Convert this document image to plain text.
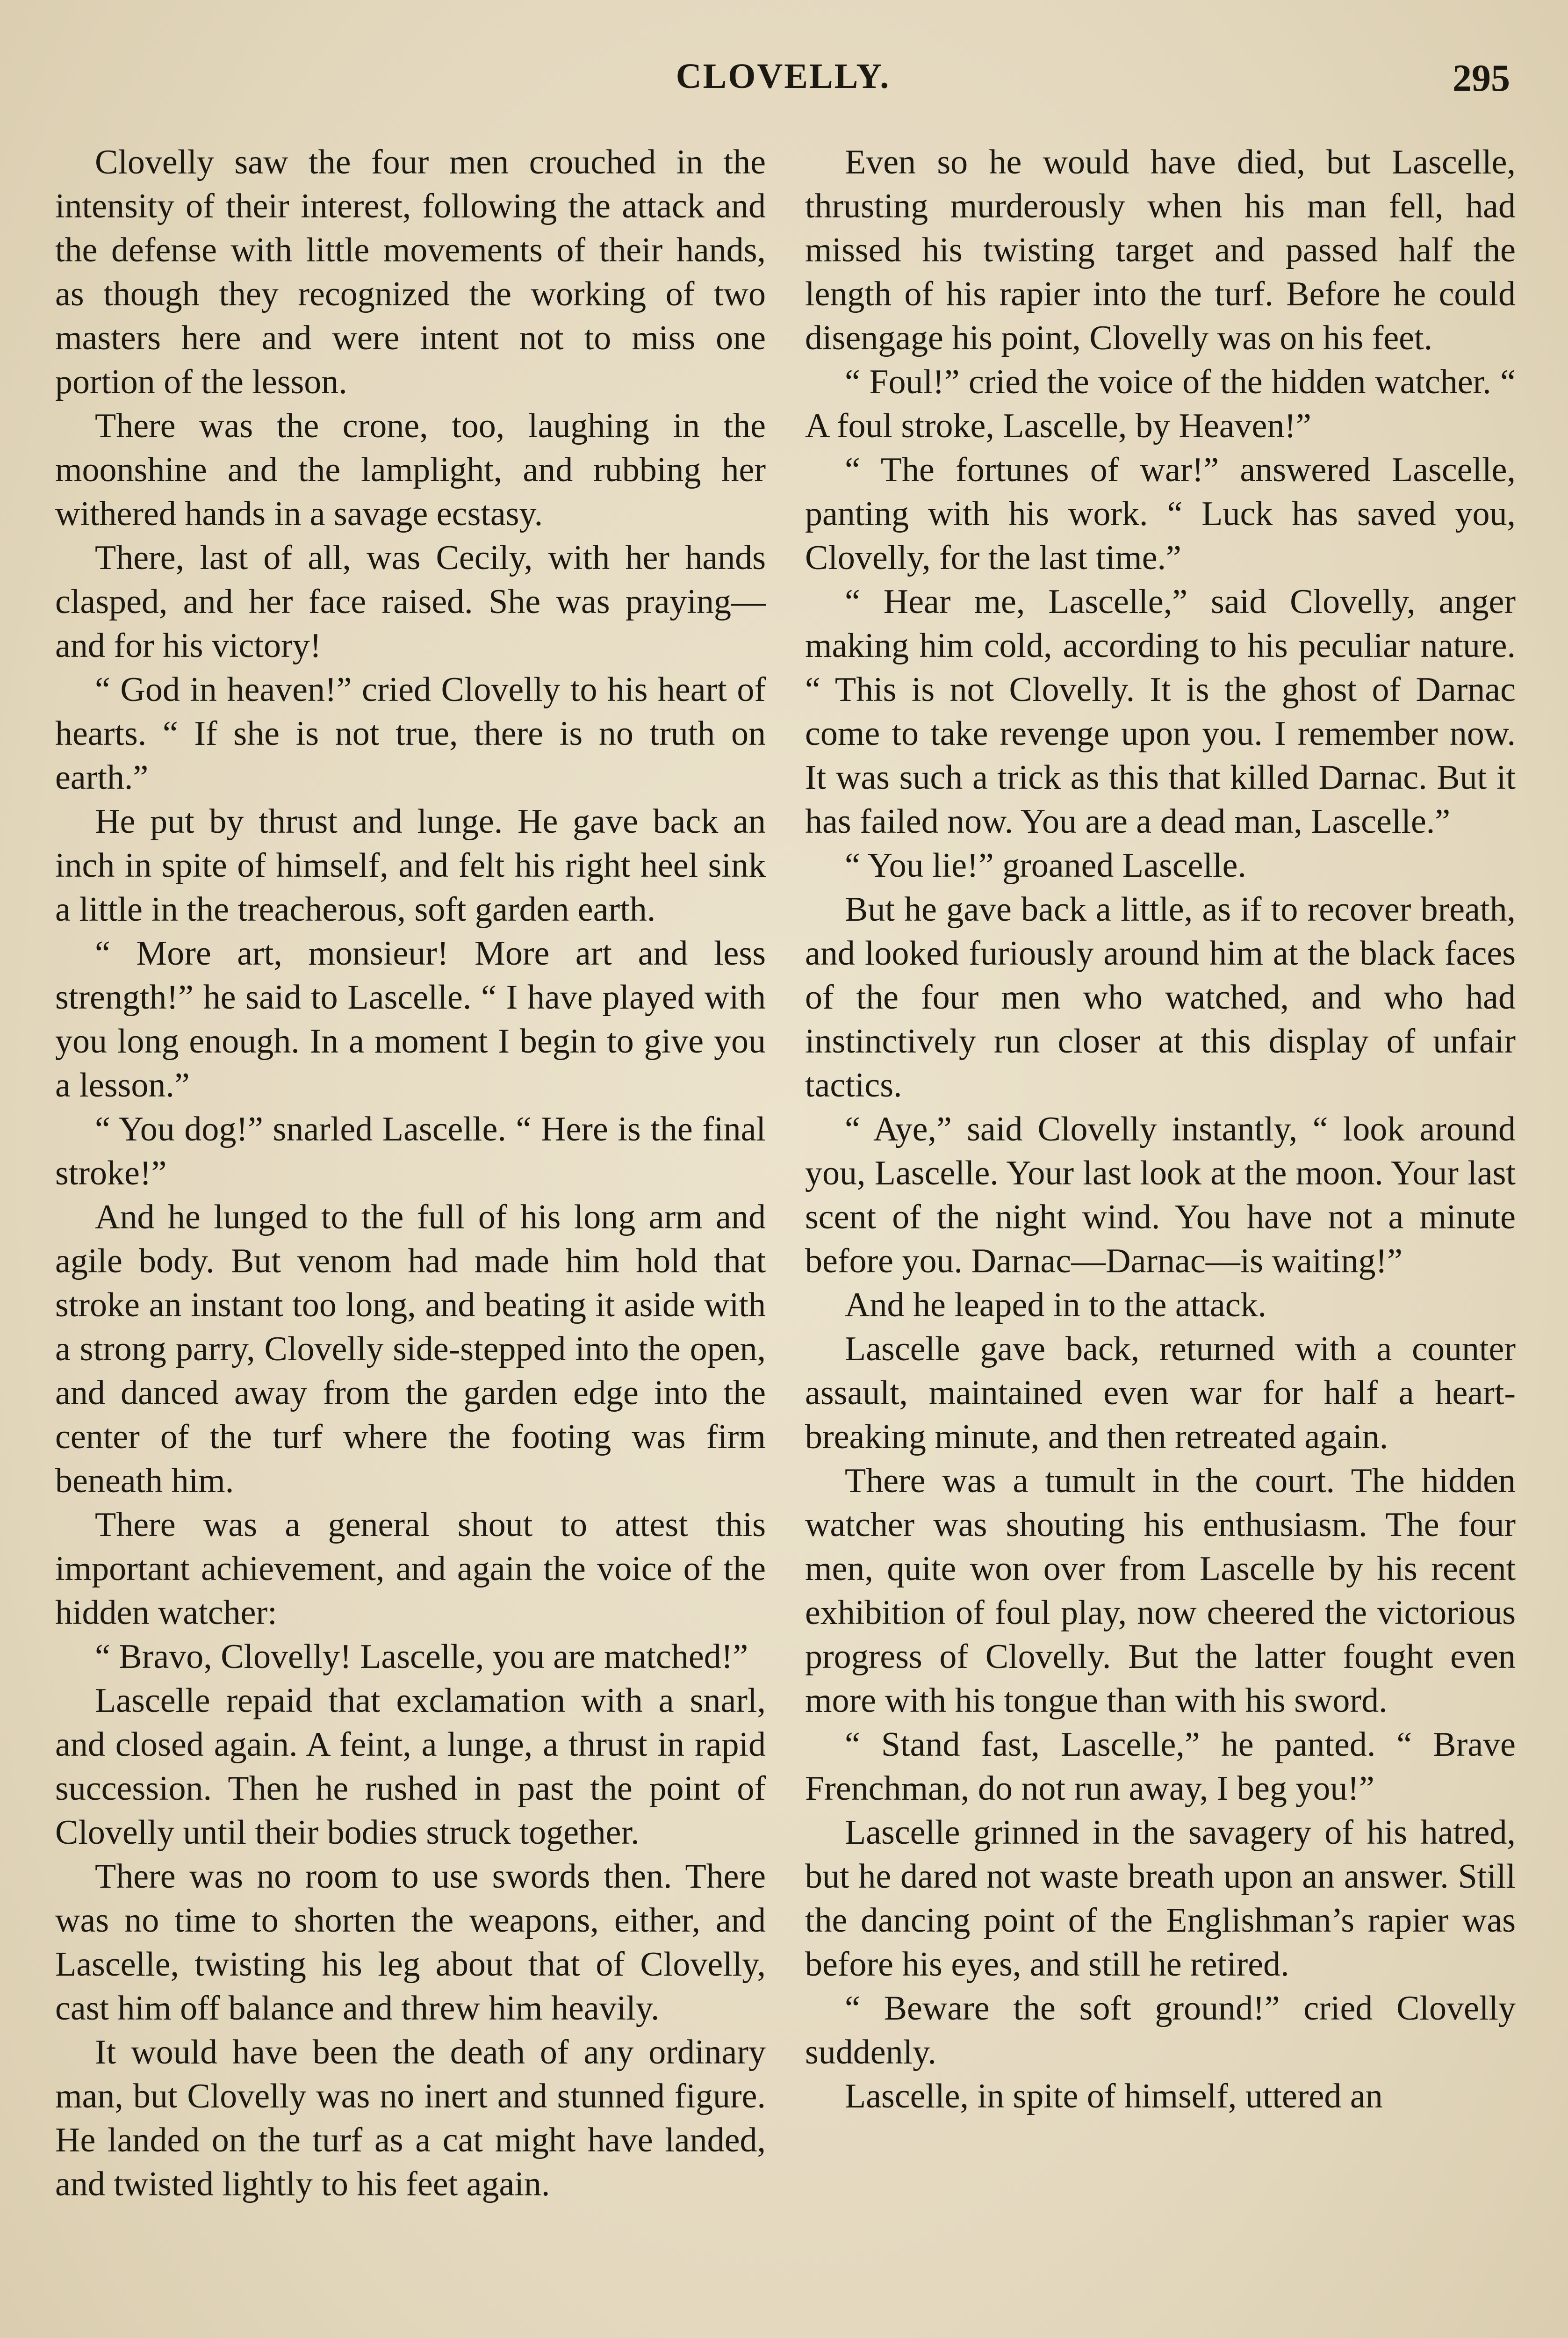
CLOVELLY.	295

Clovelly saw the four men crouched in the intensity of their interest, following the attack and the defense with little movements of their hands, as though they recognized the working of two masters here and were intent not to miss one portion of the lesson.

There was the crone, too, laughing in the moonshine and the lamplight, and rubbing her withered hands in a savage ecstasy.

There, last of all, was Cecily, with her hands clasped, and her face raised. She was praying—and for his victory!

“ God in heaven!” cried Clovelly to his heart of hearts. “ If she is not true, there is no truth on earth.”

He put by thrust and lunge. He gave back an inch in spite of himself, and felt his right heel sink a little in the treacherous, soft garden earth.

“ More art, monsieur! More art and less strength!” he said to Lascelle. “ I have played with you long enough. In a moment I begin to give you a lesson.”

“ You dog!” snarled Lascelle. “ Here is the final stroke!”

And he lunged to the full of his long arm and agile body. But venom had made him hold that stroke an instant too long, and beating it aside with a strong parry, Clovelly side-stepped into the open, and danced away from the garden edge into the center of the turf where the footing was firm beneath him.

There was a general shout to attest this important achievement, and again the voice of the hidden watcher:

“ Bravo, Clovelly! Lascelle, you are matched!”

Lascelle repaid that exclamation with a snarl, and closed again. A feint, a lunge, a thrust in rapid succession. Then he rushed in past the point of Clovelly until their bodies struck together.

There was no room to use swords then. There was no time to shorten the weapons, either, and Lascelle, twisting his leg about that of Clovelly, cast him off balance and threw him heavily.

It would have been the death of any ordinary man, but Clovelly was no inert and stunned figure. He landed on the turf as a cat might have landed, and twisted lightly to his feet again.

Even so he would have died, but Lascelle, thrusting murderously when his man fell, had missed his twisting target and passed half the length of his rapier into the turf. Before he could disengage his point, Clovelly was on his feet.

“ Foul!” cried the voice of the hidden watcher. “ A foul stroke, Lascelle, by Heaven!”

“ The fortunes of war!” answered Lascelle, panting with his work. “ Luck has saved you, Clovelly, for the last time.”

“ Hear me, Lascelle,” said Clovelly, anger making him cold, according to his peculiar nature. “ This is not Clovelly. It is the ghost of Darnac come to take revenge upon you. I remember now. It was such a trick as this that killed Darnac. But it has failed now. You are a dead man, Lascelle.”

“ You lie!” groaned Lascelle.

But he gave back a little, as if to recover breath, and looked furiously around him at the black faces of the four men who watched, and who had instinctively run closer at this display of unfair tactics.

“ Aye,” said Clovelly instantly, “ look around you, Lascelle. Your last look at the moon. Your last scent of the night wind. You have not a minute before you. Darnac—Darnac—is waiting!”

And he leaped in to the attack.

Lascelle gave back, returned with a counter assault, maintained even war for half a heart-breaking minute, and then retreated again.

There was a tumult in the court. The hidden watcher was shouting his enthusiasm. The four men, quite won over from Lascelle by his recent exhibition of foul play, now cheered the victorious progress of Clovelly. But the latter fought even more with his tongue than with his sword.

“ Stand fast, Lascelle,” he panted. “ Brave Frenchman, do not run away, I beg you!”

Lascelle grinned in the savagery of his hatred, but he dared not waste breath upon an answer. Still the dancing point of the Englishman’s rapier was before his eyes, and still he retired.

“ Beware the soft ground!” cried Clovelly suddenly.

Lascelle, in spite of himself, uttered an
